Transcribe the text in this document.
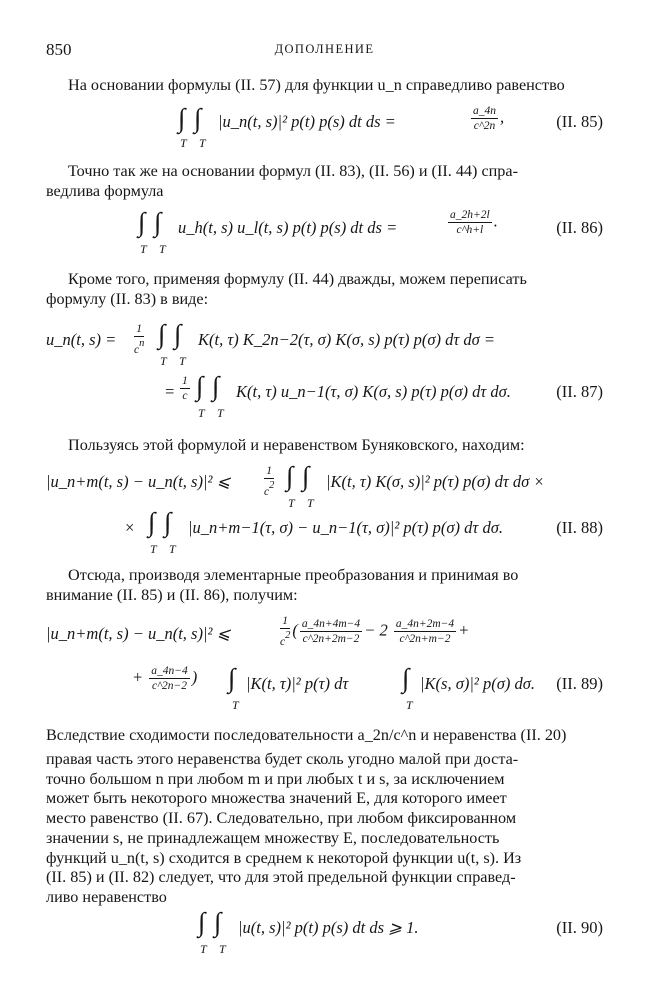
850	ДОПОЛНЕНИЕ
На основании формулы (II. 57) для функции u_n справедливо равенство
∫ ∫
T T
|u_n(t, s)|² p(t) p(s) dt ds =	$\frac{a\_4n}{c\^{}2n}$ ,	(II. 85)
Точно так же на основании формул (II. 83), (II. 56) и (II. 44) спра-
ведлива формула
∫ ∫
T T
u_h(t, s) u_l(t, s) p(t) p(s) dt ds =	$\frac{a\_2h+2l}{c\^{}h+l}$ .	(II. 86)
Кроме того, применяя формулу (II. 44) дважды, можем переписать
формулу (II. 83) в виде:
u_n(t, $s) = \frac{1}{cn}$ ∫ ∫
T T
K(t, τ) K_2n−2(τ, σ) K(σ, s) p(τ) p(σ) dτ dσ =
= $\frac{1}{c}$ ∫ ∫
T T
K(t, τ) u_n−1(τ, σ) K(σ, s) p(τ) p(σ) dτ dσ.	(II. 87)
Пользуясь этой формулой и неравенством Буняковского, находим:
|u_n+m(t, s) − u_n(t, s)|² ⩽	$\frac{1}{c2}$ ∫ ∫
T T
|K(t, τ) K(σ, s)|² p(τ) p(σ) dτ dσ ×
× ∫ ∫
T T
|u_n+m−1(τ, σ) − u_n−1(τ, σ)|² p(τ) p(σ) dτ dσ.	(II. 88)
Отсюда, производя элементарные преобразования и принимая во
внимание (II. 85) и (II. 86), получим:
|u_n+m(t, s) − u_n(t, s)|² ⩽	$\frac{1}{c2}$ ( $\frac{a\_4n+4m-4}{c\^{}2n+2m-2} - 2 \frac{a\_4n+2m-4}{c\^{}2n+m-2}$ +
+ $\frac{a\_4n-4}{c\^{}2n-2}$ ) ∫
T
|K(t, τ)|² p(τ) dτ ∫
T
|K(s, σ)|² p(σ) dσ. (II. 89)
Вследствие сходимости последовательности a_2n/c^n и неравенства (II. 20)
правая часть этого неравенства будет сколь угодно малой при доста-
точно большом n при любом m и при любых t и s, за исключением
может быть некоторого множества значений E, для которого имеет
место равенство (II. 67). Следовательно, при любом фиксированном
значении s, не принадлежащем множеству E, последовательность
функций u_n(t, s) сходится в среднем к некоторой функции u(t, s). Из
(II. 85) и (II. 82) следует, что для этой предельной функции справед-
ливо неравенство
∫ ∫
T T
|u(t, s)|² p(t) p(s) dt ds ⩾ 1.	(II. 90)
